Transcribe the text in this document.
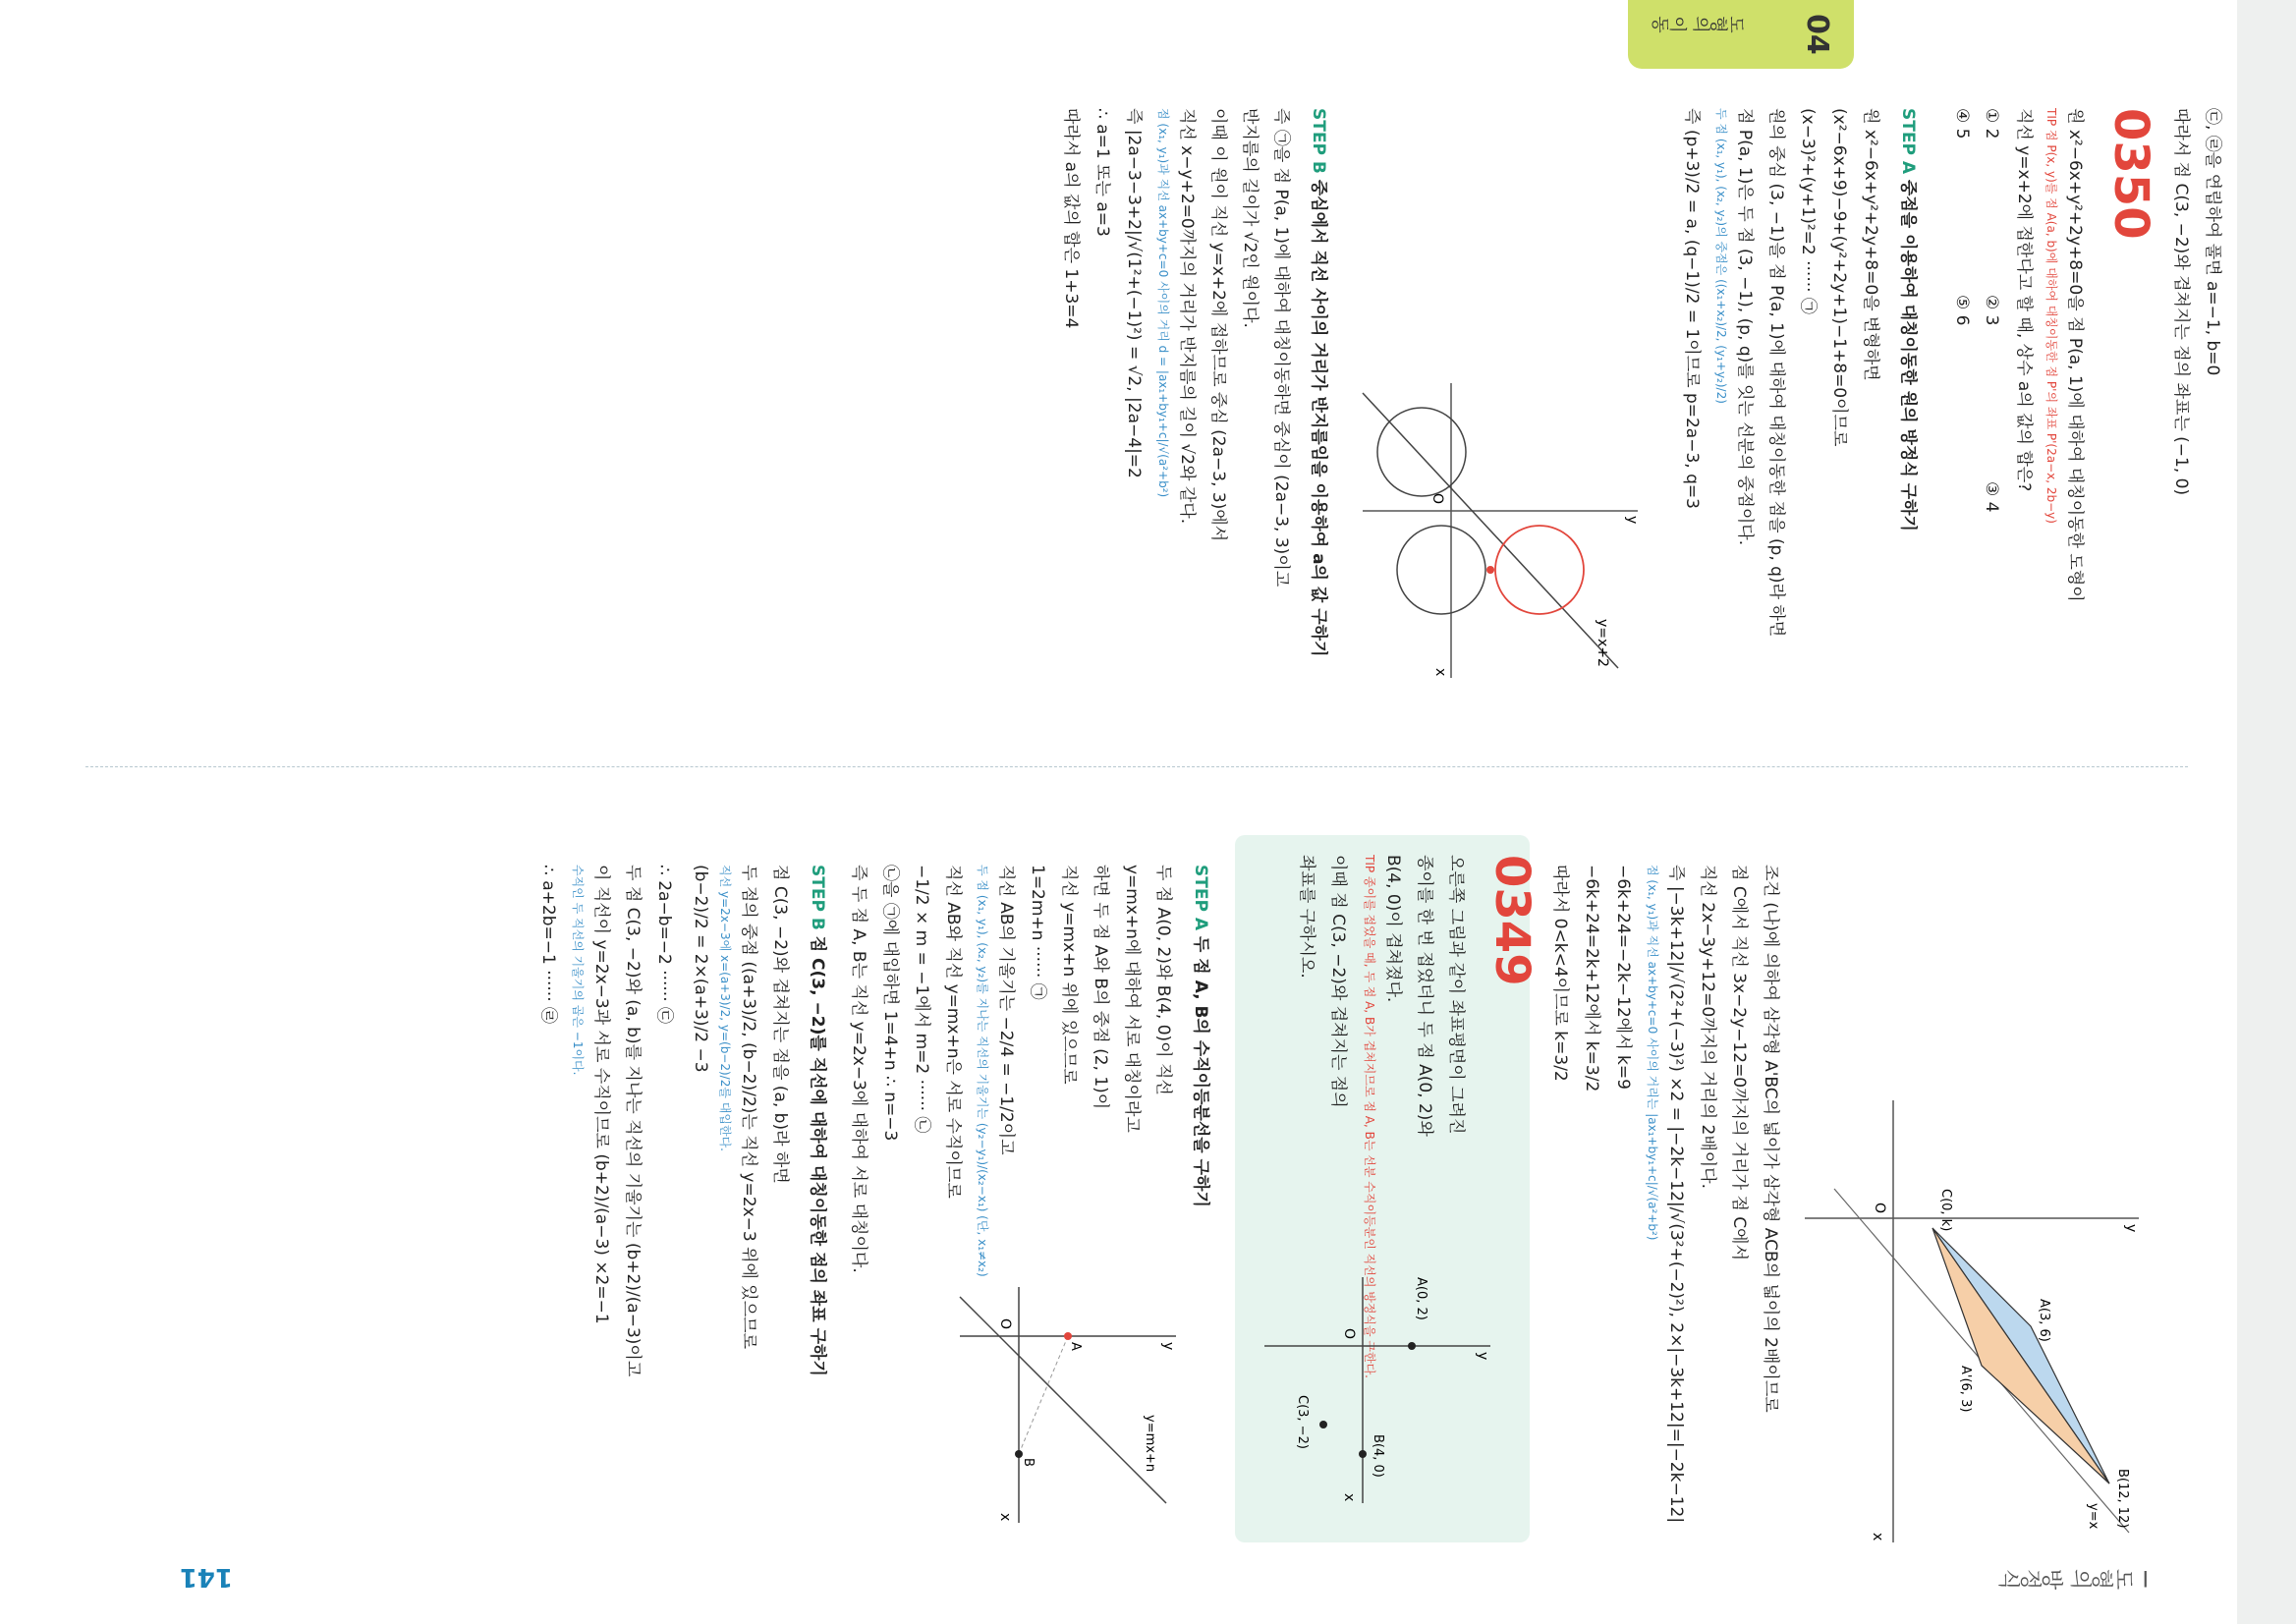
04
도형의 이동
I 도형의 방정식
141
㉢, ㉣을 연립하여 풀면 a=−1, b=0
따라서 점 C(3, −2)와 겹쳐지는 점의 좌표는 (−1, 0)
0350
원 x²−6x+y²+2y+8=0을 점 P(a, 1)에 대하여 대칭이동한 도형이
TIP 점 P(x, y)를 점 A(a, b)에 대하여 대칭이동한 점 P'의 좌표 P'(2a−x, 2b−y)
직선 y=x+2에 접한다고 할 때, 상수 a의 값의 합은?
① 2
② 3
③ 4
④ 5
⑤ 6
STEP A 중점을 이용하여 대칭이동한 원의 방정식 구하기
원 x²−6x+y²+2y+8=0을 변형하면
(x²−6x+9)−9+(y²+2y+1)−1+8=0이므로
(x−3)²+(y+1)²=2 ······ ㉠
원의 중심 (3, −1)을 점 P(a, 1)에 대하여 대칭이동한 점을 (p, q)라 하면
점 P(a, 1)은 두 점 (3, −1), (p, q)를 잇는 선분의 중점이다.
두 점 (x₁, y₁), (x₂, y₂)의 중점은 ((x₁+x₂)/2, (y₁+y₂)/2)
즉 (p+3)/2 = a, (q−1)/2 = 1이므로 p=2a−3, q=3
x
y
O
y=x+2
STEP B 중심에서 직선 사이의 거리가 반지름임을 이용하여 a의 값 구하기
즉 ㉠을 점 P(a, 1)에 대하여 대칭이동하면 중심이 (2a−3, 3)이고
반지름의 길이가 √2인 원이다.
이때 이 원이 직선 y=x+2에 접하므로 중심 (2a−3, 3)에서
직선 x−y+2=0까지의 거리가 반지름의 길이 √2와 같다.
점 (x₁, y₁)과 직선 ax+by+c=0 사이의 거리 d = |ax₁+by₁+c|/√(a²+b²)
즉 |2a−3−3+2|/√(1²+(−1)²) = √2, |2a−4|=2
∴ a=1 또는 a=3
따라서 a의 값의 합은 1+3=4
x
y
O	C(0, k)
A(3, 6)
A'(6, 3)
B(12, 12)
y=x
조건 (나)에 의하여 삼각형 A'BC의 넓이가 삼각형 ACB의 넓이의 2배이므로
점 C에서 직선 3x−2y−12=0까지의 거리가 점 C에서
직선 2x−3y+12=0까지의 거리의 2배이다.
즉 |−3k+12|/√(2²+(−3)²) ×2 = |−2k−12|/√(3²+(−2)²), 2×|−3k+12|=|−2k−12|
점 (x₁, y₁)과 직선 ax+by+c=0 사이의 거리는 |ax₁+by₁+c|/√(a²+b²)
−6k+24=−2k−12에서 k=9
−6k+24=2k+12에서 k=3/2
따라서 0<k<4이므로 k=3/2
0349
오른쪽 그림과 같이 좌표평면이 그려진
종이를 한 번 접었더니 두 점 A(0, 2)와
B(4, 0)이 겹쳐졌다.
TIP 종이를 접었을 때, 두 점 A, B가 겹쳐지므로 점 A, B는 선분 수직이등분인 직선의 방정식을 구한다.
이때 점 C(3, −2)와 겹쳐지는 점의
좌표를 구하시오.
x
y
O
A(0, 2)
B(4, 0)
C(3, −2)
STEP A 두 점 A, B의 수직이등분선을 구하기
두 점 A(0, 2)와 B(4, 0)이 직선
y=mx+n에 대하여 서로 대칭이라고
하면 두 점 A와 B의 중점 (2, 1)이
직선 y=mx+n 위에 있으므로
1=2m+n ······ ㉠
직선 AB의 기울기는 −2/4 = −1/2이고
두 점 (x₁, y₁), (x₂, y₂)를 지나는 직선의 기울기는 (y₂−y₁)/(x₂−x₁) (단, x₁≠x₂)
직선 AB와 직선 y=mx+n은 서로 수직이므로
−1/2 × m = −1에서 m=2 ······ ㉡
㉡을 ㉠에 대입하면 1=4+n ∴ n=−3
즉 두 점 A, B는 직선 y=2x−3에 대하여 서로 대칭이다.
x
y
O
y=mx+n
A
B
STEP B 점 C(3, −2)를 직선에 대하여 대칭이동한 점의 좌표 구하기
점 C(3, −2)와 겹쳐지는 점을 (a, b)라 하면
두 점의 중점 ((a+3)/2, (b−2)/2)는 직선 y=2x−3 위에 있으므로
직선 y=2x−3에 x=(a+3)/2, y=(b−2)/2를 대입한다.
(b−2)/2 = 2×(a+3)/2 −3
∴ 2a−b=−2 ······ ㉢
두 점 C(3, −2)와 (a, b)를 지나는 직선의 기울기는 (b+2)/(a−3)이고
이 직선이 y=2x−3과 서로 수직이므로 (b+2)/(a−3) ×2=−1
수직인 두 직선의 기울기의 곱은 −1이다.
∴ a+2b=−1 ······ ㉣
